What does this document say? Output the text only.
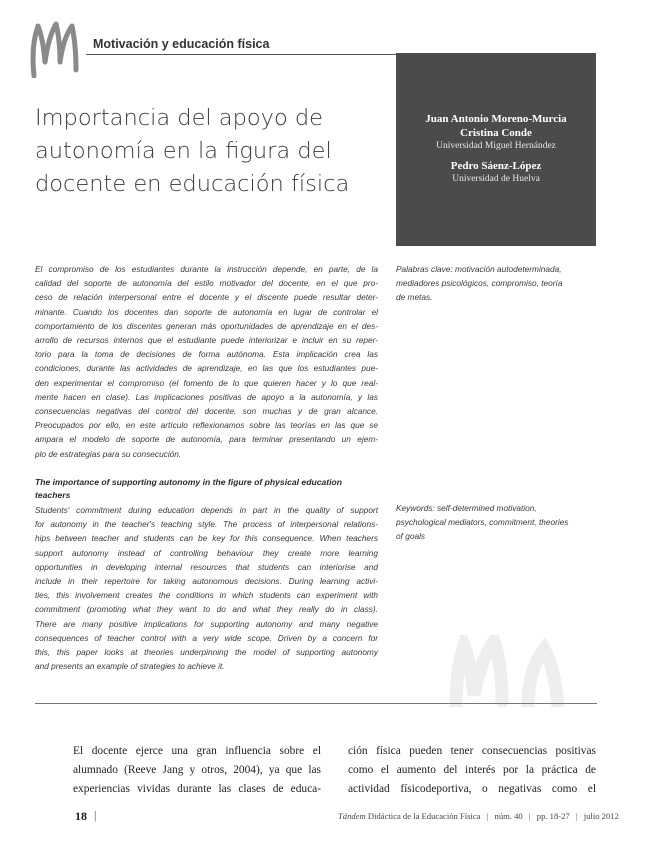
Motivación y educación física
Importancia del apoyo de
autonomía en la figura del
docente en educación física
Juan Antonio Moreno-Murcia
Cristina Conde
Universidad Miguel Hernández
Pedro Sáenz-López
Universidad de Huelva
El compromiso de los estudiantes durante la instrucción depende, en parte, de la
calidad del soporte de autonomía del estilo motivador del docente, en el que pro-
ceso de relación interpersonal entre el docente y el discente puede resultar deter-
minante. Cuando los docentes dan soporte de autonomía en lugar de controlar el
comportamiento de los discentes generan más oportunidades de aprendizaje en el des-
arrollo de recursos internos que el estudiante puede interiorizar e incluir en su reper-
torio para la toma de decisiones de forma autónoma. Esta implicación crea las
condiciones, durante las actividades de aprendizaje, en las que los estudiantes pue-
den experimentar el compromiso (el fomento de lo que quieren hacer y lo que real-
mente hacen en clase). Las implicaciones positivas de apoyo a la autonomía, y las
consecuencias negativas del control del docente, son muchas y de gran alcance.
Preocupados por ello, en este artículo reflexionamos sobre las teorías en las que se
ampara el modelo de soporte de autonomía, para terminar presentando un ejem-
plo de estrategias para su consecución.
Palabras clave: motivación autodeterminada,
mediadores psicológicos, compromiso, teoría
de metas.
The importance of supporting autonomy in the figure of physical education
teachers
Students' commitment during education depends in part in the quality of support
for autonomy in the teacher's teaching style. The process of interpersonal relations-
hips between teacher and students can be key for this consequence. When teachers
support autonomy instead of controlling behaviour they create more learning
opportunities in developing internal resources that students can interiorise and
include in their repertoire for taking autonomous decisions. During learning activi-
ties, this involvement creates the conditions in which students can experiment with
commitment (promoting what they want to do and what they really do in class).
There are many positive implications for supporting autonomy and many negative
consequences of teacher control with a very wide scope. Driven by a concern for
this, this paper looks at theories underpinning the model of supporting autonomy
and presents an example of strategies to achieve it.
Keywords: self-determined motivation,
psychological mediators, commitment, theories
of goals
El docente ejerce una gran influencia sobre el
alumnado (Reeve Jang y otros, 2004), ya que las
experiencias vividas durante las clases de educa-
ción física pueden tener consecuencias positivas
como el aumento del interés por la práctica de
actividad físicodeportiva, o negativas como el
18 |	Tándem Didáctica de la Educación Física | núm. 40 | pp. 18-27 | julio 2012
